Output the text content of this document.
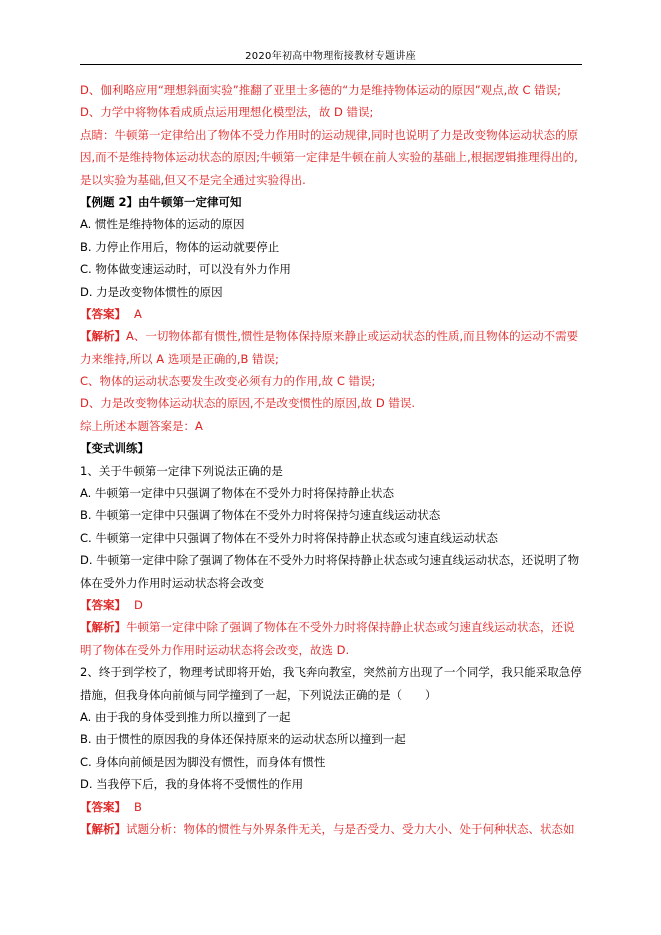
2020年初高中物理衔接教材专题讲座
D、伽利略应用“理想斜面实验”推翻了亚里士多德的“力是维持物体运动的原因”观点,故 C 错误;
D、力学中将物体看成质点运用理想化模型法，故 D 错误;
点睛：牛顿第一定律给出了物体不受力作用时的运动规律,同时也说明了力是改变物体运动状态的原
因,而不是维持物体运动状态的原因;牛顿第一定律是牛顿在前人实验的基础上,根据逻辑推理得出的,
是以实验为基础,但又不是完全通过实验得出.
【例题 2】由牛顿第一定律可知
A. 惯性是维持物体的运动的原因
B. 力停止作用后，物体的运动就要停止
C. 物体做变速运动时，可以没有外力作用
D. 力是改变物体惯性的原因
【答案】 A
【解析】A、一切物体都有惯性,惯性是物体保持原来静止或运动状态的性质,而且物体的运动不需要
力来维持,所以 A 选项是正确的,B 错误;
C、物体的运动状态要发生改变必须有力的作用,故 C 错误;
D、力是改变物体运动状态的原因,不是改变惯性的原因,故 D 错误.
综上所述本题答案是：A
【变式训练】
1、关于牛顿第一定律下列说法正确的是
A. 牛顿第一定律中只强调了物体在不受外力时将保持静止状态
B. 牛顿第一定律中只强调了物体在不受外力时将保持匀速直线运动状态
C. 牛顿第一定律中只强调了物体在不受外力时将保持静止状态或匀速直线运动状态
D. 牛顿第一定律中除了强调了物体在不受外力时将保持静止状态或匀速直线运动状态，还说明了物
体在受外力作用时运动状态将会改变
【答案】 D
【解析】牛顿第一定律中除了强调了物体在不受外力时将保持静止状态或匀速直线运动状态，还说
明了物体在受外力作用时运动状态将会改变，故选 D.
2、终于到学校了，物理考试即将开始，我飞奔向教室，突然前方出现了一个同学，我只能采取急停
措施，但我身体向前倾与同学撞到了一起，下列说法正确的是（　　）
A. 由于我的身体受到推力所以撞到了一起
B. 由于惯性的原因我的身体还保持原来的运动状态所以撞到一起
C. 身体向前倾是因为脚没有惯性，而身体有惯性
D. 当我停下后，我的身体将不受惯性的作用
【答案】 B
【解析】试题分析：物体的惯性与外界条件无关，与是否受力、受力大小、处于何种状态、状态如
